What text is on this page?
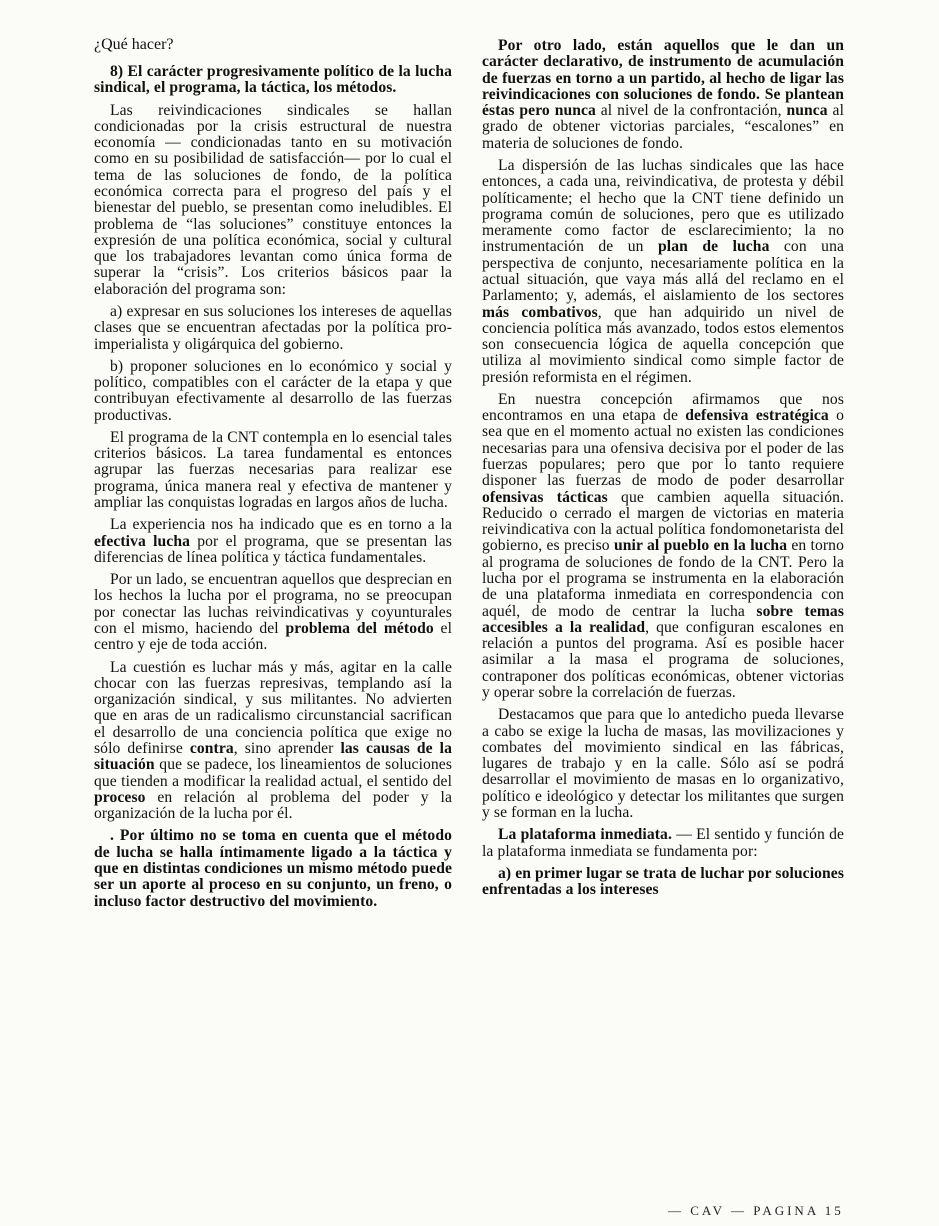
¿Qué hacer?

8) El carácter progresivamente político de la lucha sindical, el programa, la táctica, los métodos.

Las reivindicaciones sindicales se hallan condicionadas por la crisis estructural de nuestra economía — condicionadas tanto en su motivación como en su posibilidad de satisfacción— por lo cual el tema de las soluciones de fondo, de la política económica correcta para el progreso del país y el bienestar del pueblo, se presentan como ineludibles. El problema de “las soluciones” constituye entonces la expresión de una política económica, social y cultural que los trabajadores levantan como única forma de superar la “crisis”. Los criterios básicos paar la elaboración del programa son:

a) expresar en sus soluciones los intereses de aquellas clases que se encuentran afectadas por la política pro-imperialista y oligárquica del gobierno.

b) proponer soluciones en lo económico y social y político, compatibles con el carácter de la etapa y que contribuyan efectivamente al desarrollo de las fuerzas productivas.

El programa de la CNT contempla en lo esencial tales criterios básicos. La tarea fundamental es entonces agrupar las fuerzas necesarias para realizar ese programa, única manera real y efectiva de mantener y ampliar las conquistas logradas en largos años de lucha.

La experiencia nos ha indicado que es en torno a la efectiva lucha por el programa, que se presentan las diferencias de línea política y táctica fundamentales.

Por un lado, se encuentran aquellos que desprecian en los hechos la lucha por el programa, no se preocupan por conectar las luchas reivindicativas y coyunturales con el mismo, haciendo del problema del método el centro y eje de toda acción.

La cuestión es luchar más y más, agitar en la calle chocar con las fuerzas represivas, templando así la organización sindical, y sus militantes. No advierten que en aras de un radicalismo circunstancial sacrifican el desarrollo de una conciencia política que exige no sólo definirse contra, sino aprender las causas de la situación que se padece, los lineamientos de soluciones que tienden a modificar la realidad actual, el sentido del proceso en relación al problema del poder y la organización de la lucha por él.

. Por último no se toma en cuenta que el método de lucha se halla íntimamente ligado a la táctica y que en distintas condiciones un mismo método puede ser un aporte al proceso en su conjunto, un freno, o incluso factor destructivo del movimiento.

Por otro lado, están aquellos que le dan un carácter declarativo, de instrumento de acumulación de fuerzas en torno a un partido, al hecho de ligar las reivindicaciones con soluciones de fondo. Se plantean éstas pero nunca al nivel de la confrontación, nunca al grado de obtener victorias parciales, “escalones” en materia de soluciones de fondo.

La dispersión de las luchas sindicales que las hace entonces, a cada una, reivindicativa, de protesta y débil políticamente; el hecho que la CNT tiene definido un programa común de soluciones, pero que es utilizado meramente como factor de esclarecimiento; la no instrumentación de un plan de lucha con una perspectiva de conjunto, necesariamente política en la actual situación, que vaya más allá del reclamo en el Parlamento; y, además, el aislamiento de los sectores más combativos, que han adquirido un nivel de conciencia política más avanzado, todos estos elementos son consecuencia lógica de aquella concepción que utiliza al movimiento sindical como simple factor de presión reformista en el régimen.

En nuestra concepción afirmamos que nos encontramos en una etapa de defensiva estratégica o sea que en el momento actual no existen las condiciones necesarias para una ofensiva decisiva por el poder de las fuerzas populares; pero que por lo tanto requiere disponer las fuerzas de modo de poder desarrollar ofensivas tácticas que cambien aquella situación. Reducido o cerrado el margen de victorias en materia reivindicativa con la actual política fondomonetarista del gobierno, es preciso unir al pueblo en la lucha en torno al programa de soluciones de fondo de la CNT. Pero la lucha por el programa se instrumenta en la elaboración de una plataforma inmediata en correspondencia con aquél, de modo de centrar la lucha sobre temas accesibles a la realidad, que configuran escalones en relación a puntos del programa. Así es posible hacer asimilar a la masa el programa de soluciones, contraponer dos políticas económicas, obtener victorias y operar sobre la correlación de fuerzas.

Destacamos que para que lo antedicho pueda llevarse a cabo se exige la lucha de masas, las movilizaciones y combates del movimiento sindical en las fábricas, lugares de trabajo y en la calle. Sólo así se podrá desarrollar el movimiento de masas en lo organizativo, político e ideológico y detectar los militantes que surgen y se forman en la lucha.

La plataforma inmediata. — El sentido y función de la plataforma inmediata se fundamenta por:

a) en primer lugar se trata de luchar por soluciones enfrentadas a los intereses

— CAV — PAGINA 15
